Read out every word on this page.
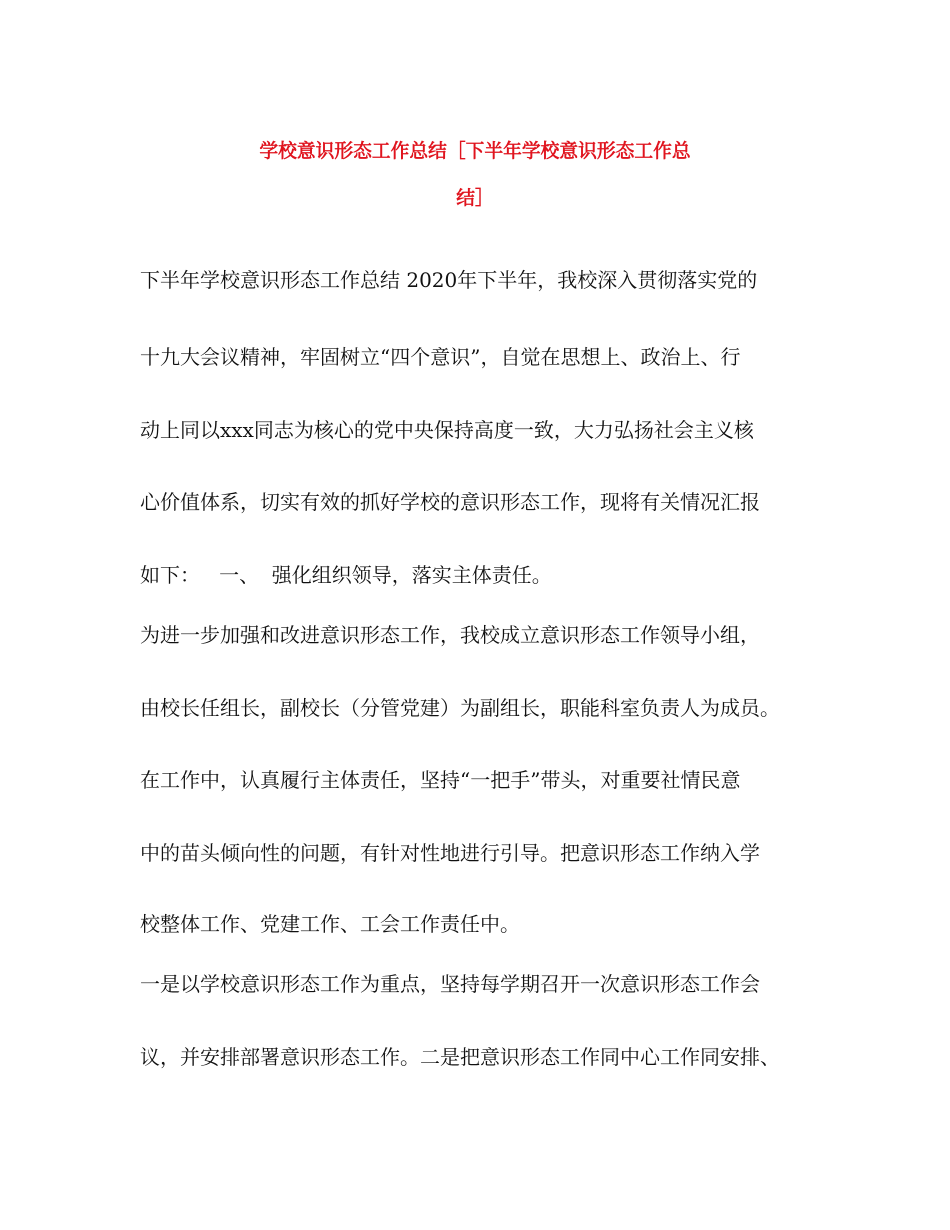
学校意识形态工作总结［下半年学校意识形态工作总
结］
下半年学校意识形态工作总结 2020年下半年，我校深入贯彻落实党的
十九大会议精神，牢固树立“四个意识”，自觉在思想上、政治上、行
动上同以xxx同志为核心的党中央保持高度一致，大力弘扬社会主义核
心价值体系，切实有效的抓好学校的意识形态工作，现将有关情况汇报
如下：   一、  强化组织领导，落实主体责任。
为进一步加强和改进意识形态工作，我校成立意识形态工作领导小组，
由校长任组长，副校长（分管党建）为副组长，职能科室负责人为成员。
在工作中，认真履行主体责任，坚持“一把手”带头，对重要社情民意
中的苗头倾向性的问题，有针对性地进行引导。把意识形态工作纳入学
校整体工作、党建工作、工会工作责任中。
一是以学校意识形态工作为重点，坚持每学期召开一次意识形态工作会
议，并安排部署意识形态工作。二是把意识形态工作同中心工作同安排、
